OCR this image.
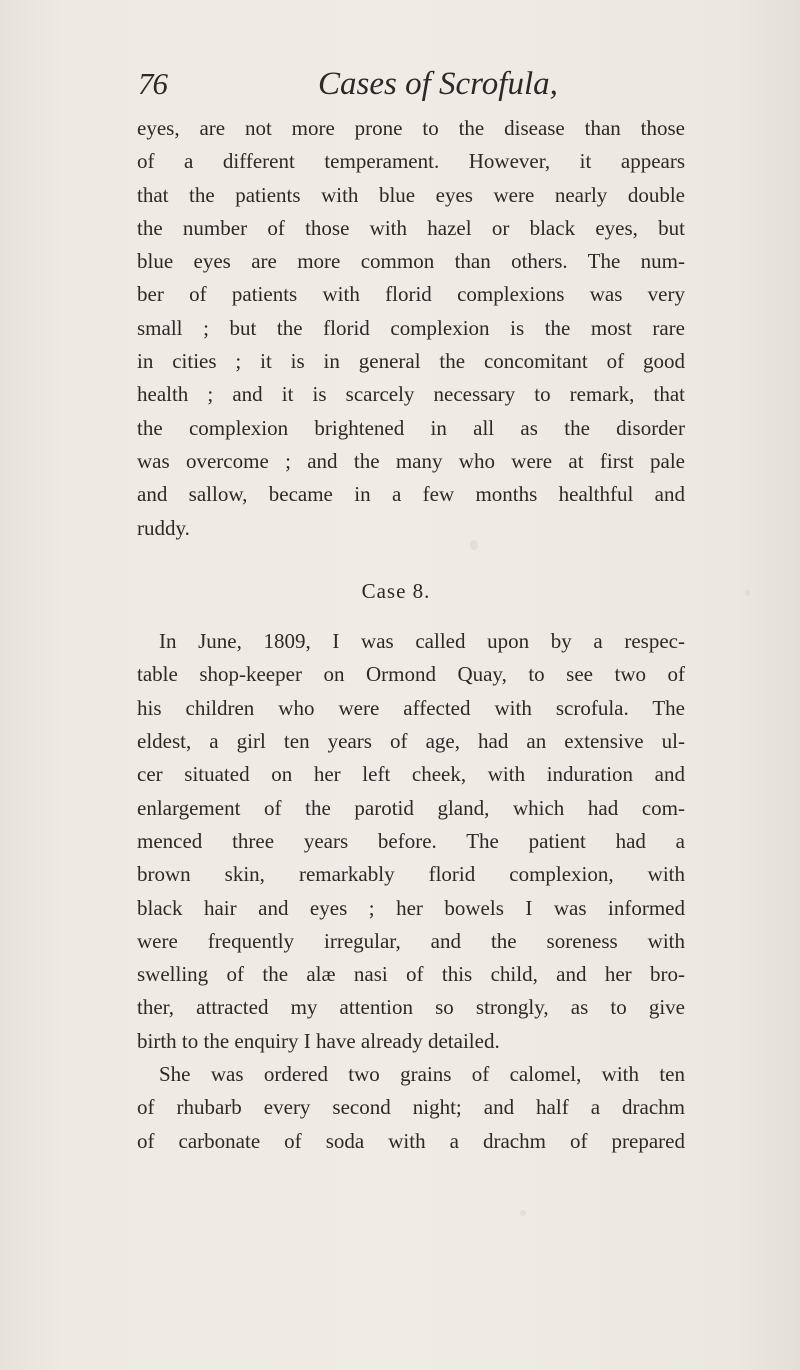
76	Cases of Scrofula,
eyes, are not more prone to the disease than those
of a different temperament. However, it appears
that the patients with blue eyes were nearly double
the number of those with hazel or black eyes, but
blue eyes are more common than others. The num-
ber of patients with florid complexions was very
small ; but the florid complexion is the most rare
in cities ; it is in general the concomitant of good
health ; and it is scarcely necessary to remark, that
the complexion brightened in all as the disorder
was overcome ; and the many who were at first pale
and sallow, became in a few months healthful and
ruddy.
Case 8.
In June, 1809, I was called upon by a respec-
table shop-keeper on Ormond Quay, to see two of
his children who were affected with scrofula. The
eldest, a girl ten years of age, had an extensive ul-
cer situated on her left cheek, with induration and
enlargement of the parotid gland, which had com-
menced three years before. The patient had a
brown skin, remarkably florid complexion, with
black hair and eyes ; her bowels I was informed
were frequently irregular, and the soreness with
swelling of the alæ nasi of this child, and her bro-
ther, attracted my attention so strongly, as to give
birth to the enquiry I have already detailed.
She was ordered two grains of calomel, with ten
of rhubarb every second night; and half a drachm
of carbonate of soda with a drachm of prepared
